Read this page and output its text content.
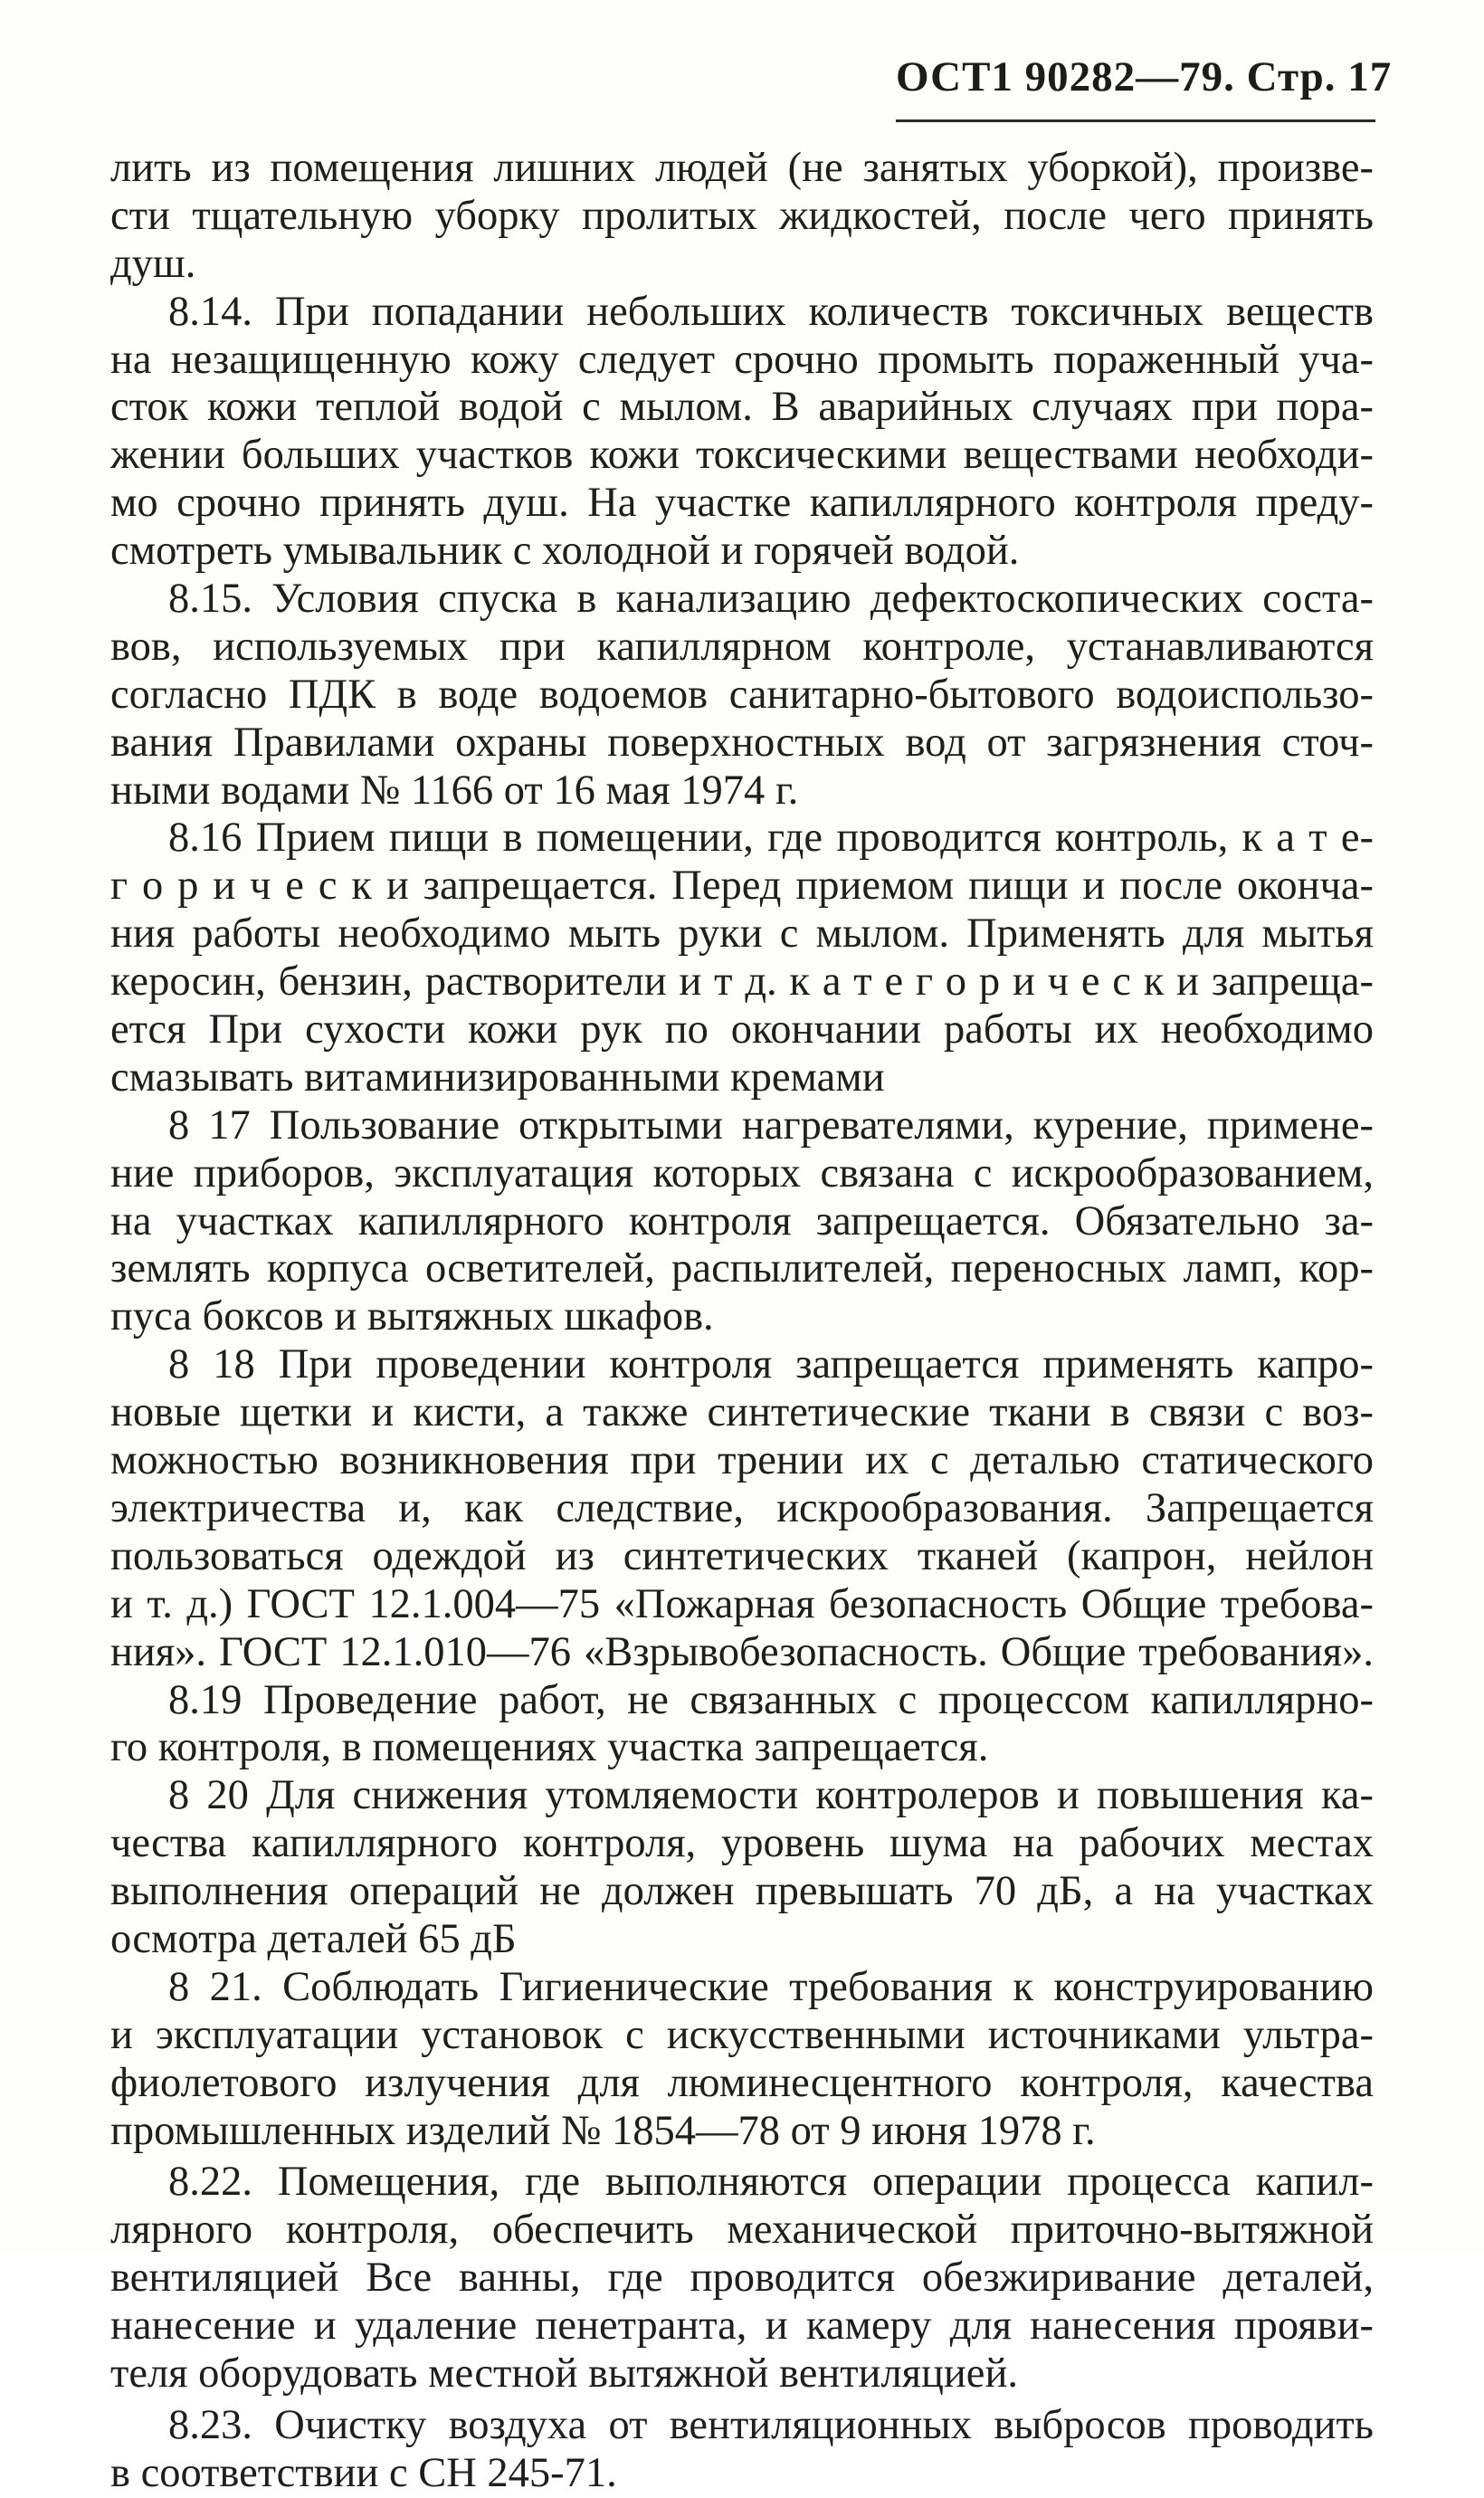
ОСТ1 90282—79. Стр. 17
лить из помещения лишних людей (не занятых уборкой), произве-
сти тщательную уборку пролитых жидкостей, после чего принять
душ.
8.14. При попадании небольших количеств токсичных веществ
на незащищенную кожу следует срочно промыть пораженный уча-
сток кожи теплой водой с мылом. В аварийных случаях при пора-
жении больших участков кожи токсическими веществами необходи-
мо срочно принять душ. На участке капиллярного контроля преду-
смотреть умывальник с холодной и горячей водой.
8.15. Условия спуска в канализацию дефектоскопических соста-
вов, используемых при капиллярном контроле, устанавливаются
согласно ПДК в воде водоемов санитарно-бытового водоиспользо-
вания Правилами охраны поверхностных вод от загрязнения сточ-
ными водами № 1166 от 16 мая 1974 г.
8.16 Прием пищи в помещении, где проводится контроль, к а т е-
г о р и ч е с к и запрещается. Перед приемом пищи и после оконча-
ния работы необходимо мыть руки с мылом. Применять для мытья
керосин, бензин, растворители и т д. к а т е г о р и ч е с к и запреща-
ется При сухости кожи рук по окончании работы их необходимо
смазывать витаминизированными кремами
8 17 Пользование открытыми нагревателями, курение, примене-
ние приборов, эксплуатация которых связана с искрообразованием,
на участках капиллярного контроля запрещается. Обязательно за-
землять корпуса осветителей, распылителей, переносных ламп, кор-
пуса боксов и вытяжных шкафов.
8 18 При проведении контроля запрещается применять капро-
новые щетки и кисти, а также синтетические ткани в связи с воз-
можностью возникновения при трении их с деталью статического
электричества и, как следствие, искрообразования. Запрещается
пользоваться одеждой из синтетических тканей (капрон, нейлон
и т. д.) ГОСТ 12.1.004—75 «Пожарная безопасность Общие требова-
ния». ГОСТ 12.1.010—76 «Взрывобезопасность. Общие требования».
8.19 Проведение работ, не связанных с процессом капиллярно-
го контроля, в помещениях участка запрещается.
8 20 Для снижения утомляемости контролеров и повышения ка-
чества капиллярного контроля, уровень шума на рабочих местах
выполнения операций не должен превышать 70 дБ, а на участках
осмотра деталей 65 дБ
8 21. Соблюдать Гигиенические требования к конструированию
и эксплуатации установок с искусственными источниками ультра-
фиолетового излучения для люминесцентного контроля, качества
промышленных изделий № 1854—78 от 9 июня 1978 г.
8.22. Помещения, где выполняются операции процесса капил-
лярного контроля, обеспечить механической приточно-вытяжной
вентиляцией Все ванны, где проводится обезжиривание деталей,
нанесение и удаление пенетранта, и камеру для нанесения прояви-
теля оборудовать местной вытяжной вентиляцией.
8.23. Очистку воздуха от вентиляционных выбросов проводить
в соответствии с СН 245-71.
